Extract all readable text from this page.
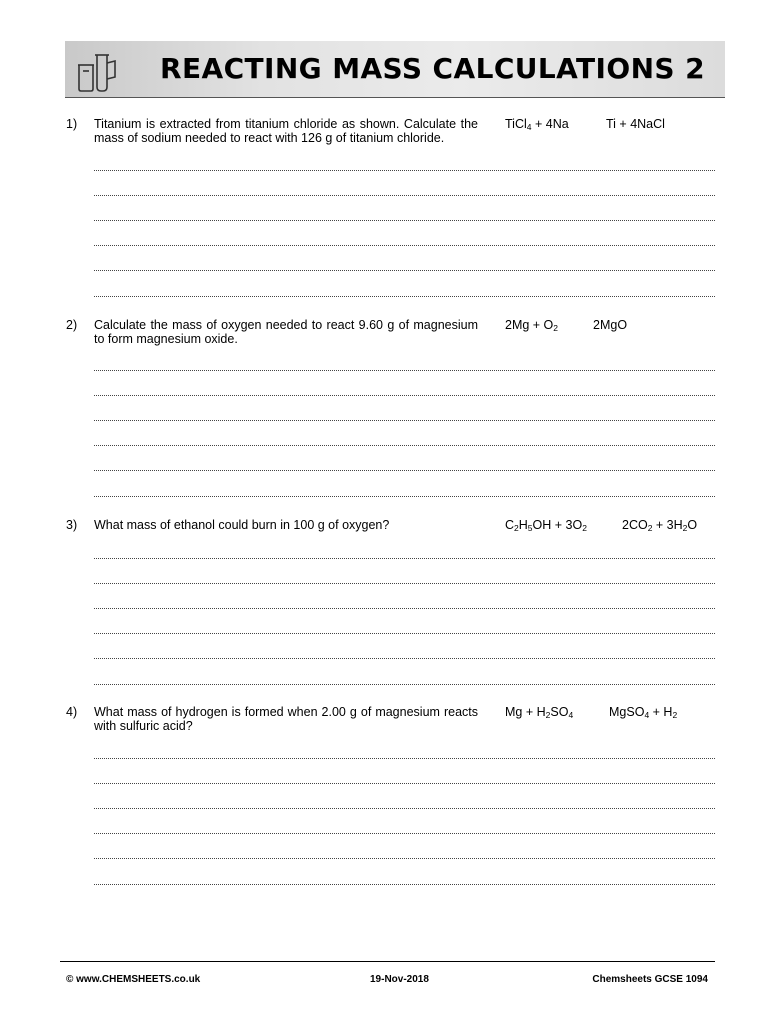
REACTING MASS CALCULATIONS 2
1) Titanium is extracted from titanium chloride as shown. Calculate the mass of sodium needed to react with 126 g of titanium chloride.
TiCl$_4$ + 4Na	Ti + 4NaCl
2) Calculate the mass of oxygen needed to react 9.60 g of magnesium to form magnesium oxide.
$2Mg + O_2$	2MgO
3) What mass of ethanol could burn in 100 g of oxygen?	$C_2H_5OH + 3O_2$	$2CO_2 + 3H_2O$
4) What mass of hydrogen is formed when 2.00 g of magnesium reacts with sulfuric acid?
$Mg + H_2SO_4$	MgSO$_4$ + $H_2$
© www.CHEMSHEETS.co.uk	19-Nov-2018	Chemsheets GCSE 1094
